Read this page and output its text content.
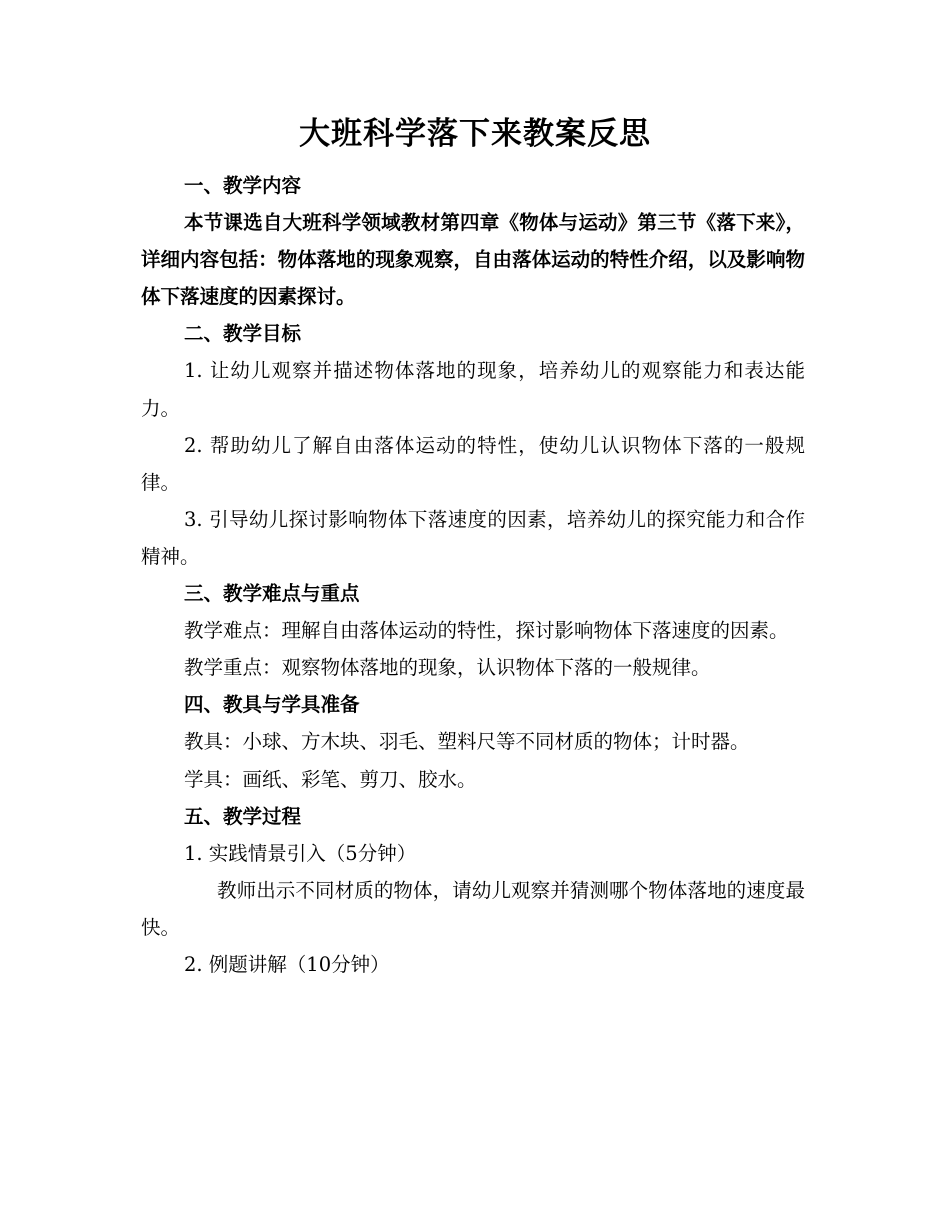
大班科学落下来教案反思

一、教学内容

本节课选自大班科学领域教材第四章《物体与运动》第三节《落下来》，详细内容包括：物体落地的现象观察，自由落体运动的特性介绍，以及影响物体下落速度的因素探讨。

二、教学目标

1. 让幼儿观察并描述物体落地的现象，培养幼儿的观察能力和表达能力。

2. 帮助幼儿了解自由落体运动的特性，使幼儿认识物体下落的一般规律。

3. 引导幼儿探讨影响物体下落速度的因素，培养幼儿的探究能力和合作精神。

三、教学难点与重点

教学难点：理解自由落体运动的特性，探讨影响物体下落速度的因素。

教学重点：观察物体落地的现象，认识物体下落的一般规律。

四、教具与学具准备

教具：小球、方木块、羽毛、塑料尺等不同材质的物体；计时器。

学具：画纸、彩笔、剪刀、胶水。

五、教学过程

1. 实践情景引入（5分钟）

教师出示不同材质的物体，请幼儿观察并猜测哪个物体落地的速度最快。

2. 例题讲解（10分钟）
